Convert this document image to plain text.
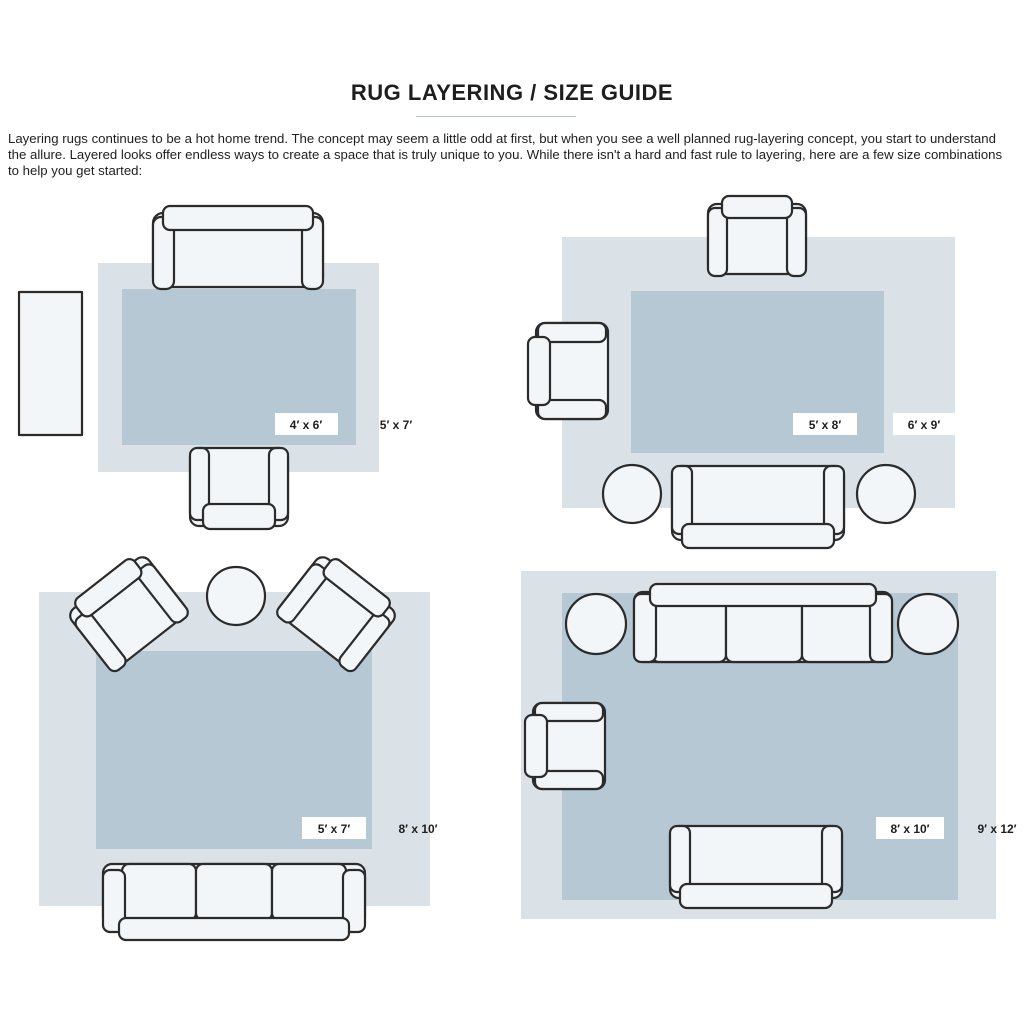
4′ x 6′	5′ x 7′	5′ x 8′	6′ x 9′
5′ x 7′	8′ x 10′	8′ x 10′	9′ x 12′
RUG LAYERING / SIZE GUIDE

Layering rugs continues to be a hot home trend. The concept may seem a little odd at first, but when you see a well planned rug-layering concept, you start to understand the allure. Layered looks offer endless ways to create a space that is truly unique to you. While there isn't a hard and fast rule to layering, here are a few size combinations to help you get started:
